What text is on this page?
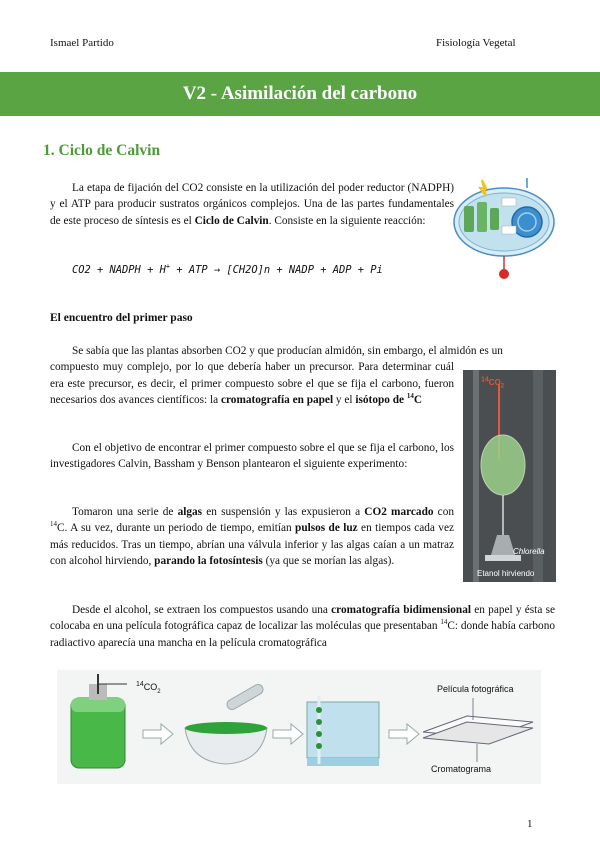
Ismael Partido	Fisiología Vegetal
V2 - Asimilación del carbono
1. Ciclo de Calvin

La etapa de fijación del CO2 consiste en la utilización del poder reductor (NADPH) y el ATP para producir sustratos orgánicos complejos. Una de las partes fundamentales de este proceso de síntesis es el Ciclo de Calvin. Consiste en la siguiente reacción:

CO2 + NADPH + H+ + ATP → [CH2O]n + NADP + ADP + Pi
El encuentro del primer paso

Se sabía que las plantas absorben CO2 y que producían almidón, sin embargo, el almidón es un

compuesto muy complejo, por lo que debería haber un precursor. Para determinar cuál era este precursor, es decir, el primer compuesto sobre el que se fija el carbono, fueron necesarios dos avances científicos: la cromatografía en papel y el isótopo de $^{14}$C

Con el objetivo de encontrar el primer compuesto sobre el que se fija el carbono, los investigadores Calvin, Bassham y Benson plantearon el siguiente experimento:

Tomaron una serie de algas en suspensión y las expusieron a CO2 marcado con $^{14}$C. A su vez, durante un periodo de tiempo, emitían pulsos de luz en tiempos cada vez más reducidos. Tras un tiempo, abrían una válvula inferior y las algas caían a un matraz con alcohol hirviendo, parando la fotosíntesis (ya que se morían las algas).

Desde el alcohol, se extraen los compuestos usando una cromatografía bidimensional en papel y ésta se colocaba en una película fotográfica capaz de localizar las moléculas que presentaban $^{14}$C: donde había carbono radiactivo aparecía una mancha en la película cromatográfica

$^{14}CO_2$
Chlorella
Etanol hirviendo
$^{14}CO_2$	Película fotográfica
Cromatograma
1
